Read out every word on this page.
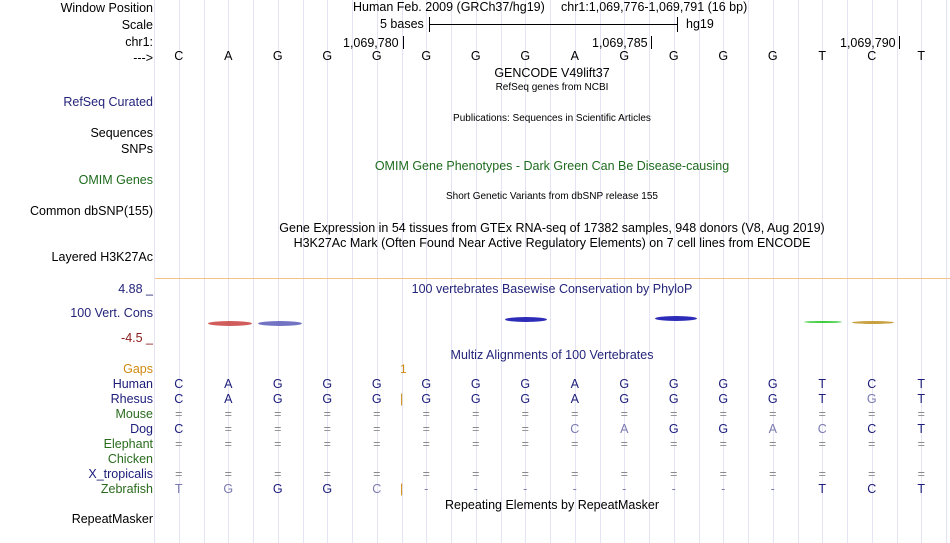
Window Position
Scale
chr1:
--->
RefSeq Curated
Sequences
SNPs
OMIM Genes
Common dbSNP(155)
Layered H3K27Ac
4.88 _
100 Vert. Cons
-4.5 _
Gaps
RepeatMasker
Human Feb. 2009 (GRCh37/hg19) chr1:1,069,776-1,069,791 (16 bp)
5 bases	hg19
1,069,780	1,069,785	1,069,790
C	A	G	G	G	G	G	G	A	G	G	G	G	T	C	T
GENCODE V49lift37
RefSeq genes from NCBI
Publications: Sequences in Scientific Articles
OMIM Gene Phenotypes - Dark Green Can Be Disease-causing
Short Genetic Variants from dbSNP release 155
Gene Expression in 54 tissues from GTEx RNA-seq of 17382 samples, 948 donors (V8, Aug 2019)
H3K27Ac Mark (Often Found Near Active Regulatory Elements) on 7 cell lines from ENCODE
100 vertebrates Basewise Conservation by PhyloP
Multiz Alignments of 100 Vertebrates
1
Human C	A	G	G	G	G	G	G	A	G	G	G	G	T	C	T
Rhesus C	A	G	G	G	G	G	G	A	G	G	G	G	T	G	T
|
Mouse =	=	=	=	=	=	=	=	=	=	=	=	=	=	=	=
Dog C	=	=	=	=	=	=	=	C	A	G	G	A	C	C	T
Elephant =	=	=	=	=	=	=	=	=	=	=	=	=	=	=	=
Chicken
X_tropicalis =	=	=	=	=	=	=	=	=	=	=	=	=	=	=	=
Zebrafish T	G	G	G	C	-	-	-	-	-	-	-	-	T	C	T
|
Repeating Elements by RepeatMasker
